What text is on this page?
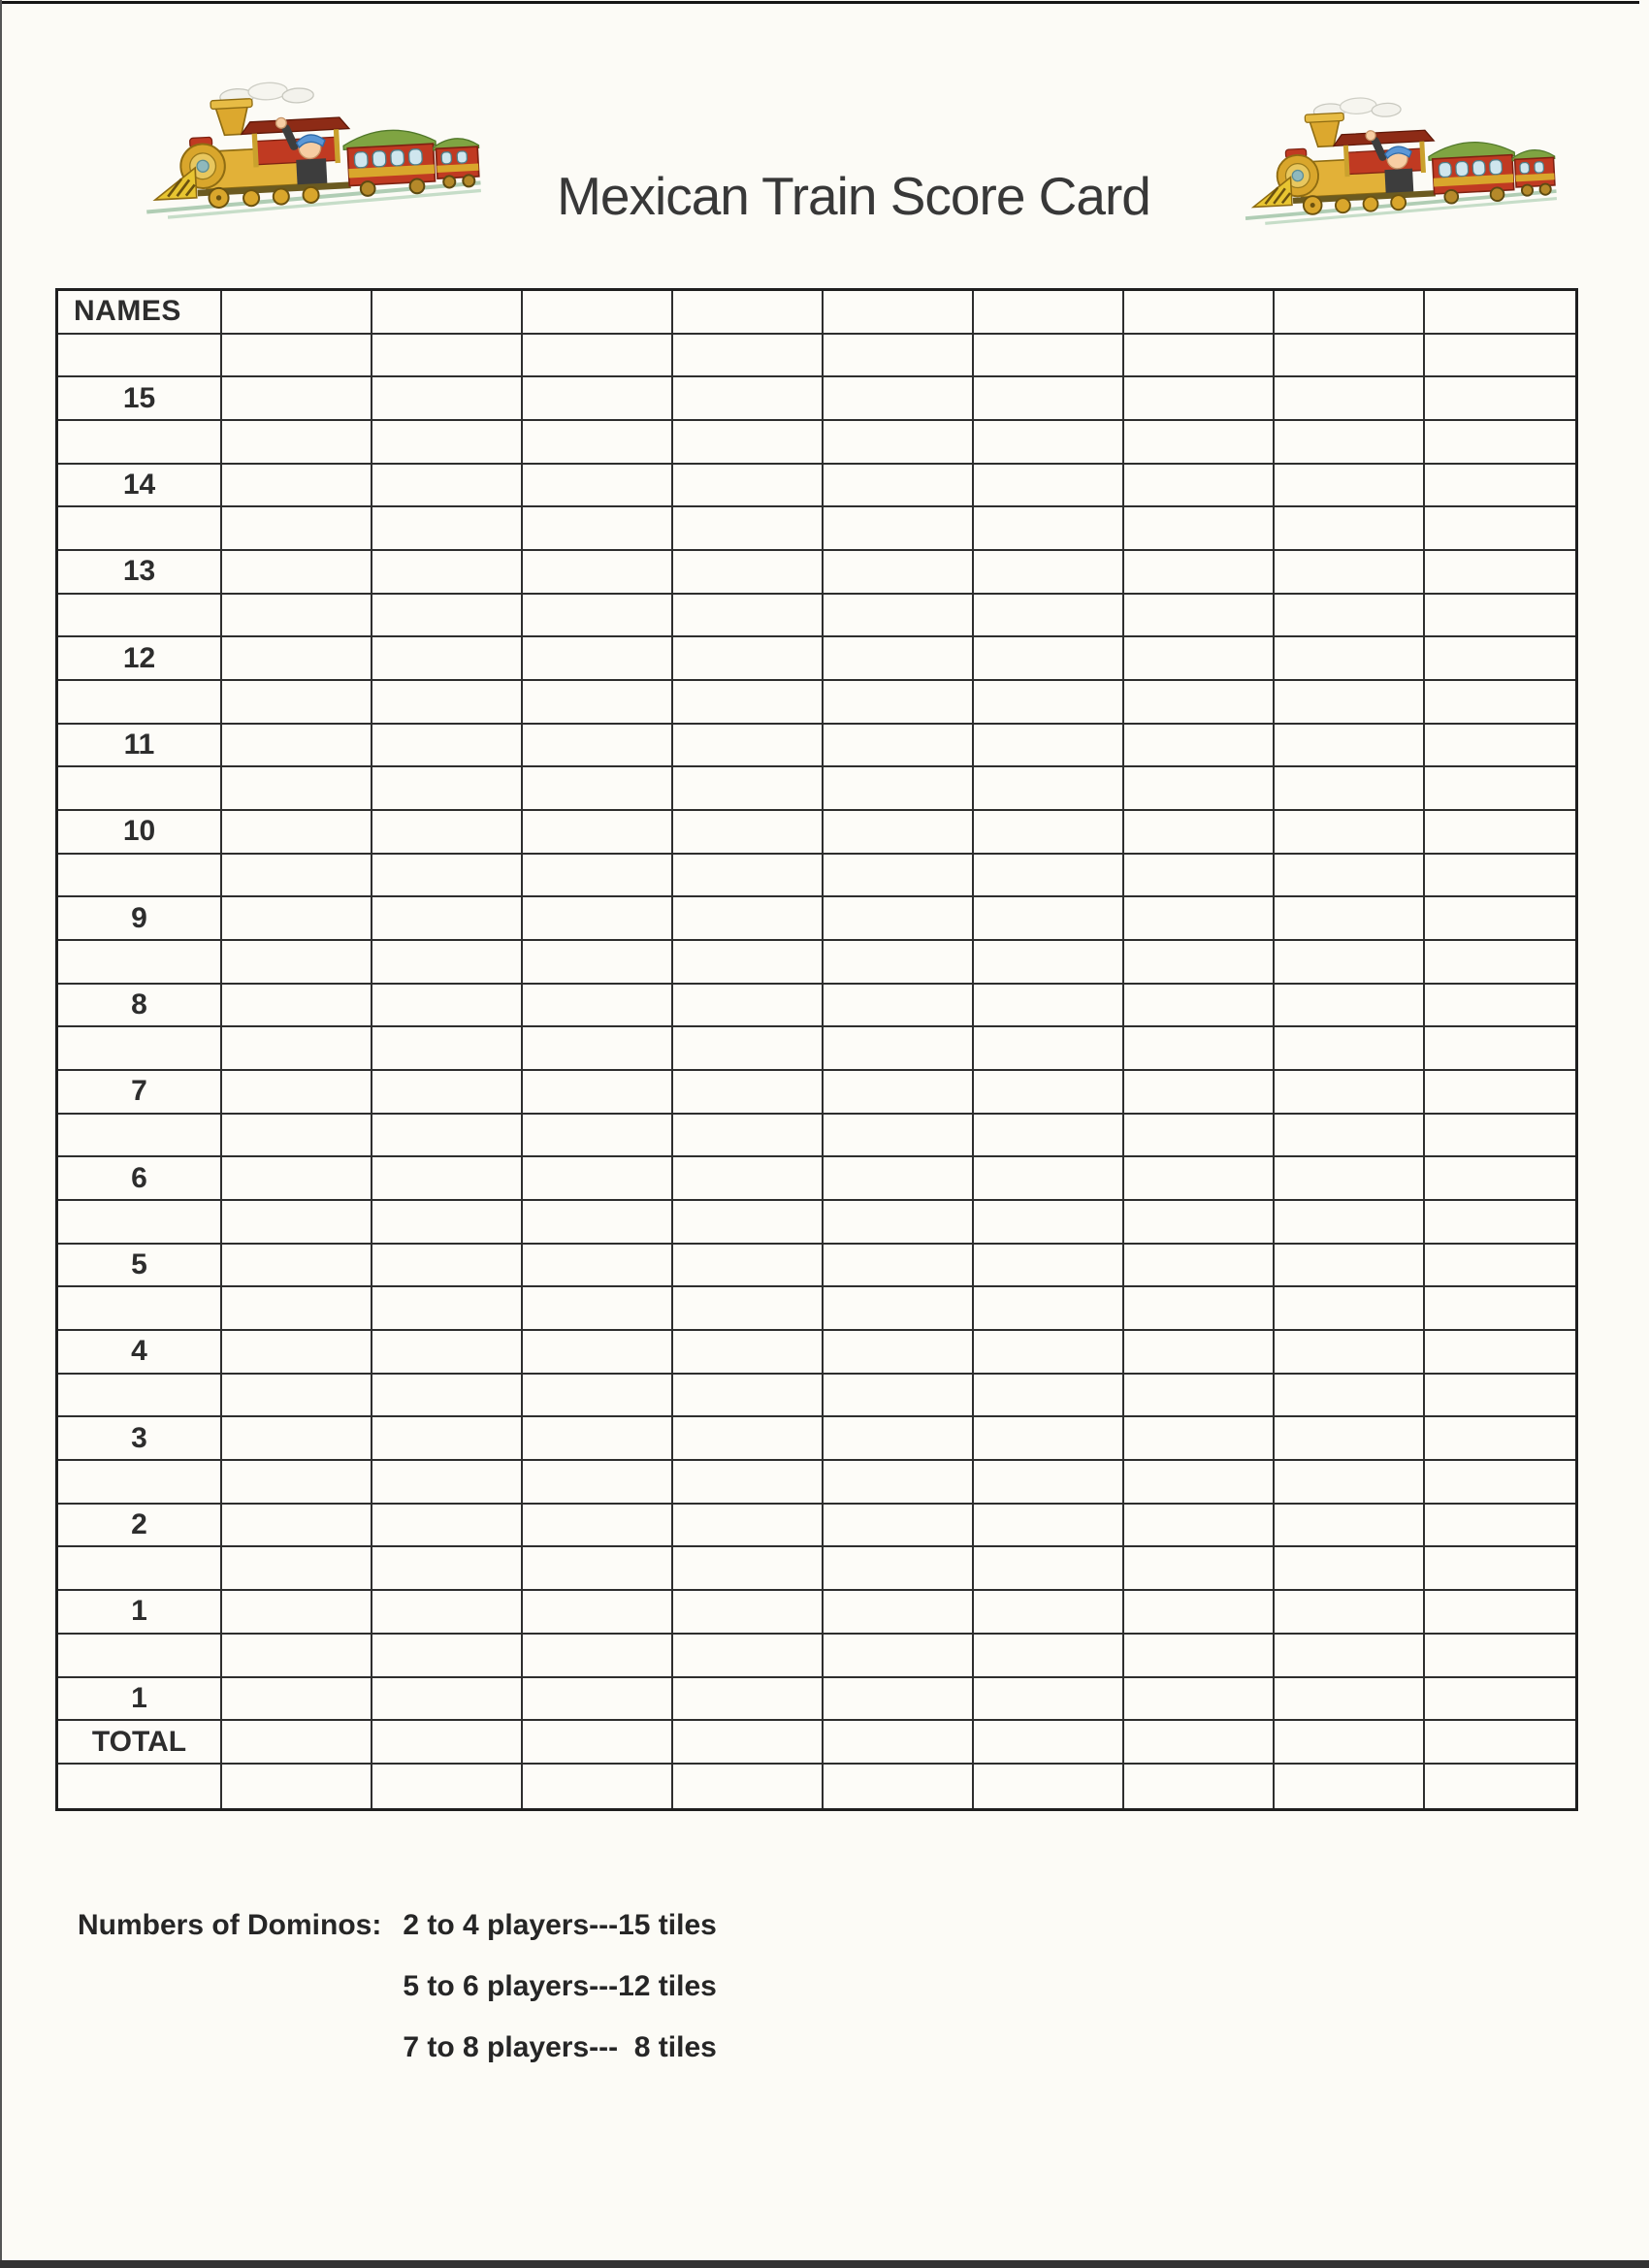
Mexican Train Score Card
NAMES
15
14
13
12
11
10
9
8
7
6
5
4
3
2
1
1
TOTAL
Numbers of Dominos: 2 to 4 players---15 tiles
5 to 6 players---12 tiles
7 to 8 players---  8 tiles
